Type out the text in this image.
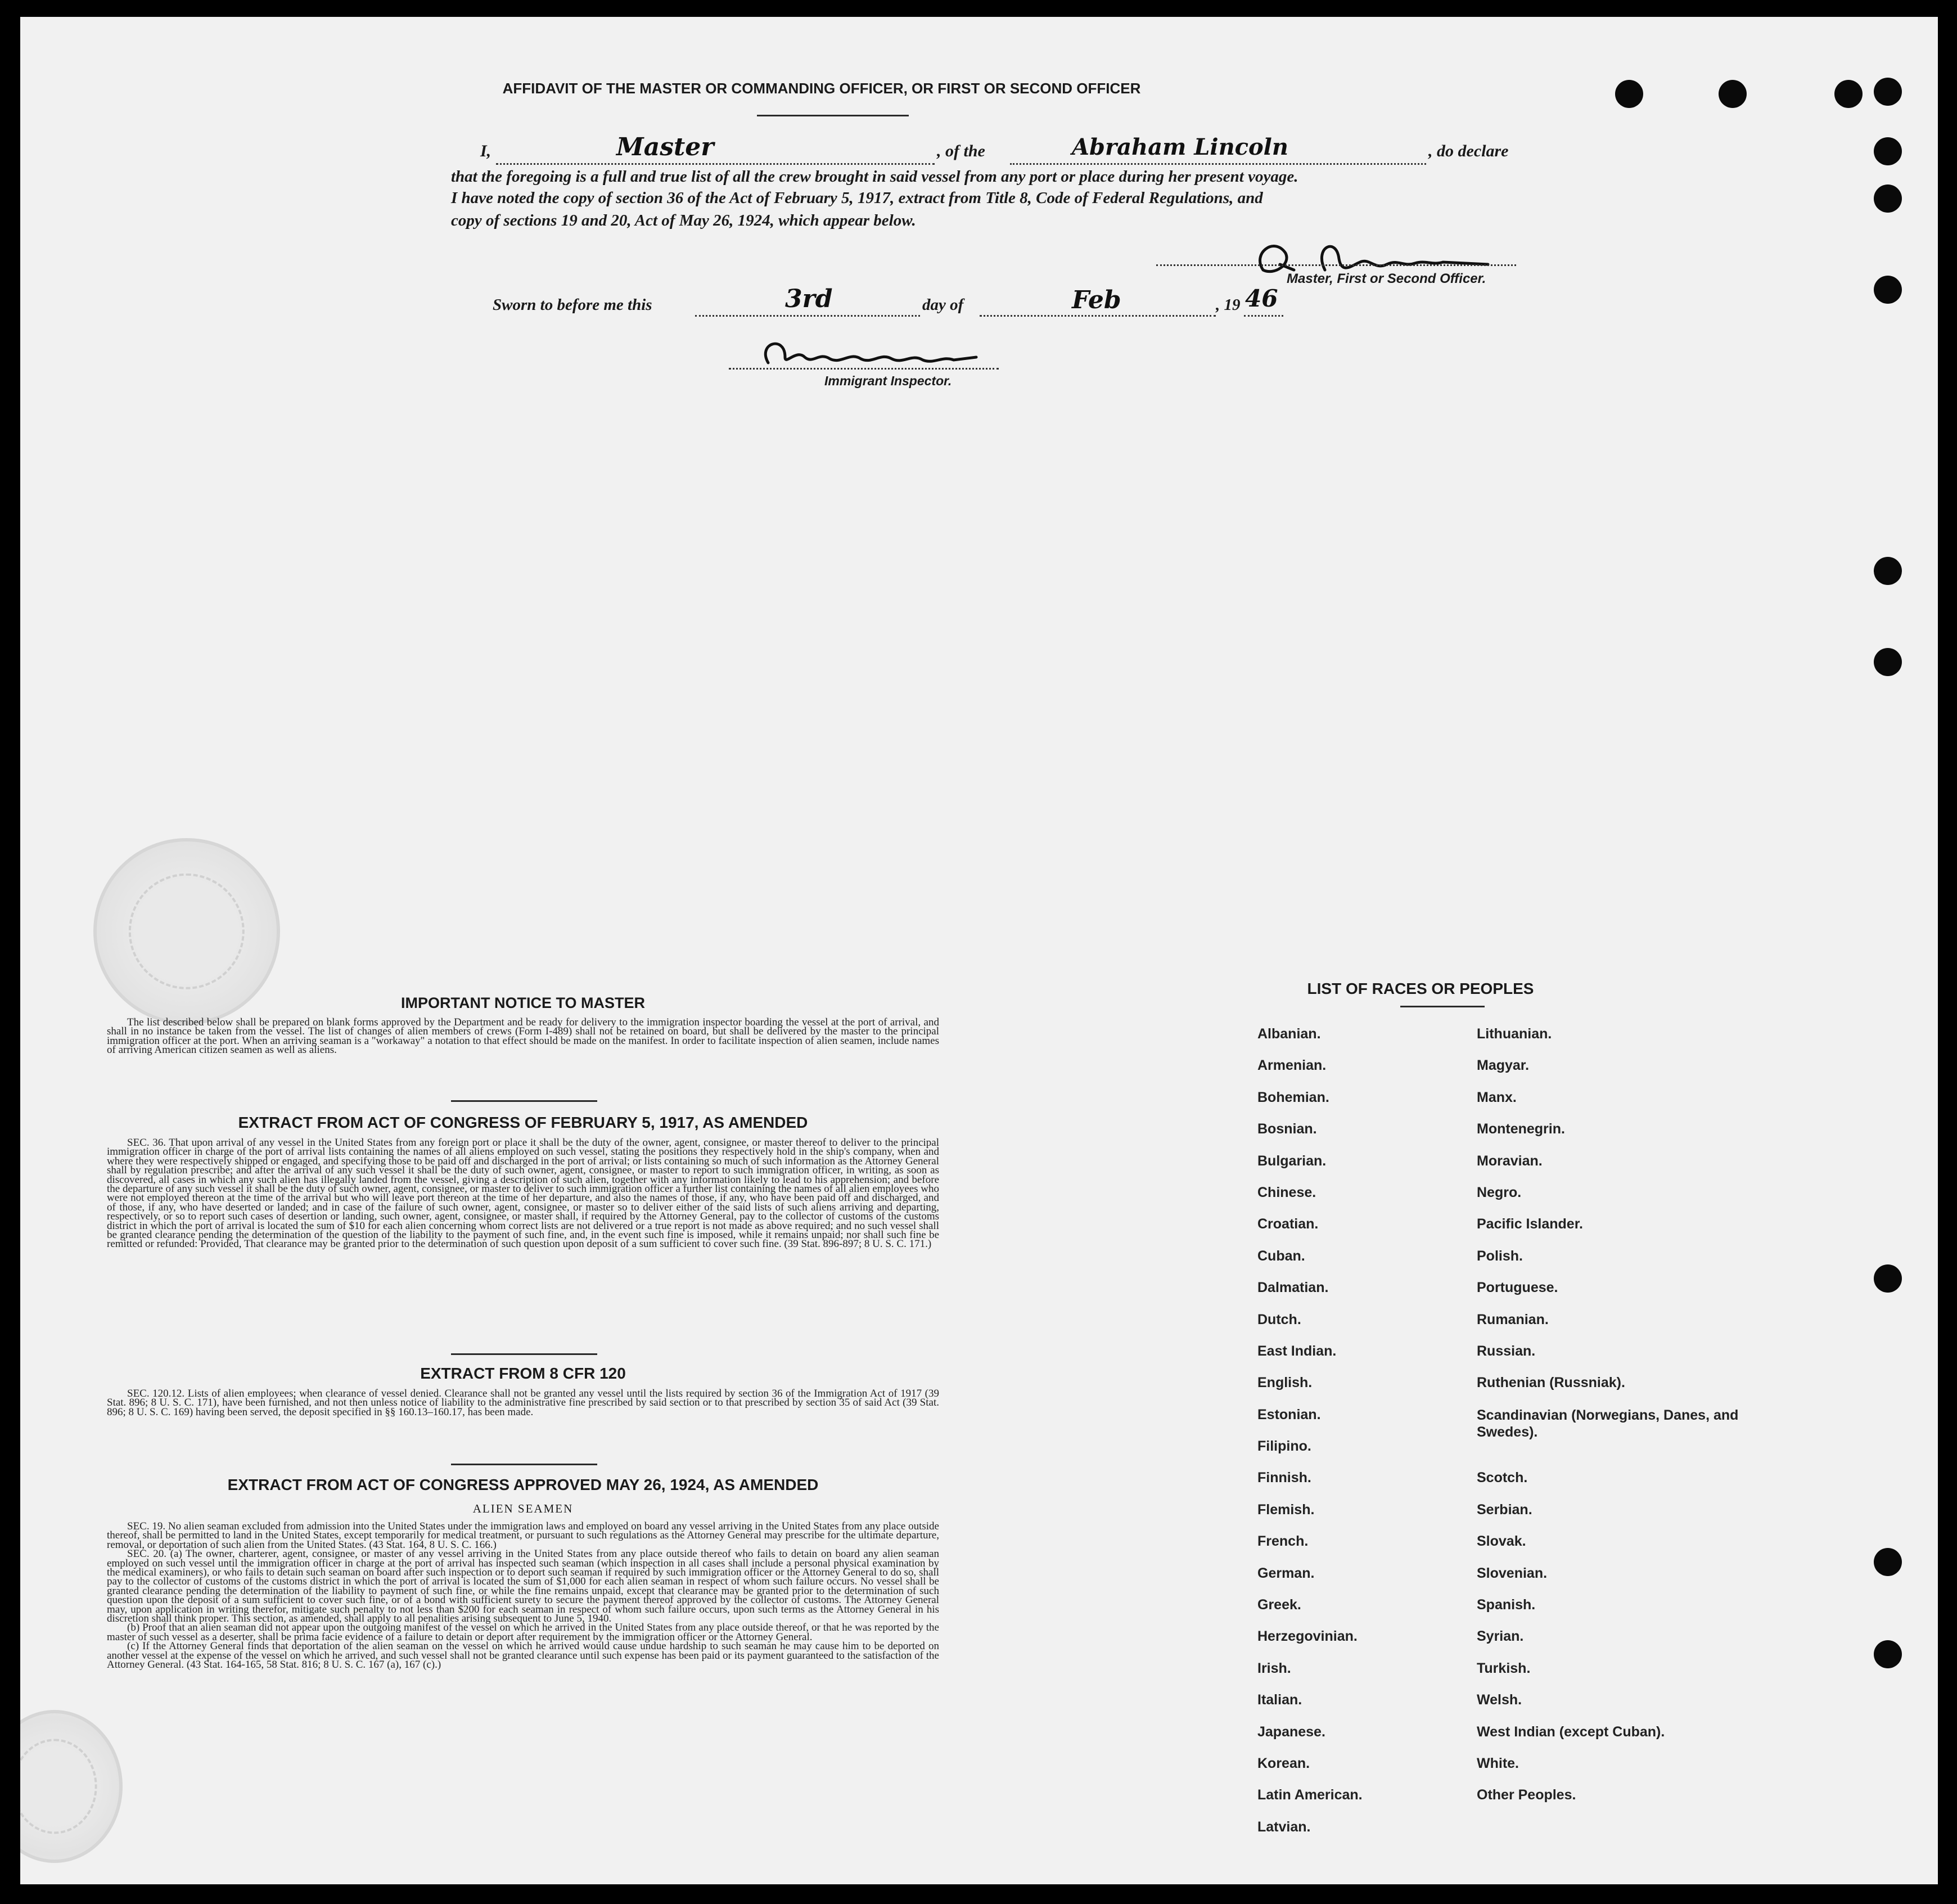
AFFIDAVIT OF THE MASTER OR COMMANDING OFFICER, OR FIRST OR SECOND OFFICER
I,	Master	, of the	Abraham Lincoln	, do declare
that the foregoing is a full and true list of all the crew brought in said vessel from any port or place during her present voyage.
I have noted the copy of section 36 of the Act of February 5, 1917, extract from Title 8, Code of Federal Regulations, and
copy of sections 19 and 20, Act of May 26, 1924, which appear below.
Master, First or Second Officer.
Sworn to before me this	3rd	day of	Feb	, 19 46
Immigrant Inspector.
IMPORTANT NOTICE TO MASTER

The list described below shall be prepared on blank forms approved by the Department and be ready for delivery to the immigration inspector boarding the vessel at the port of arrival, and shall in no instance be taken from the vessel. The list of changes of alien members of crews (Form I-489) shall not be retained on board, but shall be delivered by the master to the principal immigration officer at the port. When an arriving seaman is a "workaway" a notation to that effect should be made on the manifest. In order to facilitate inspection of alien seamen, include names of arriving American citizen seamen as well as aliens.

EXTRACT FROM ACT OF CONGRESS OF FEBRUARY 5, 1917, AS AMENDED

SEC. 36. That upon arrival of any vessel in the United States from any foreign port or place it shall be the duty of the owner, agent, consignee, or master thereof to deliver to the principal immigration officer in charge of the port of arrival lists containing the names of all aliens employed on such vessel, stating the positions they respectively hold in the ship's company, when and where they were respectively shipped or engaged, and specifying those to be paid off and discharged in the port of arrival; or lists containing so much of such information as the Attorney General shall by regulation prescribe; and after the arrival of any such vessel it shall be the duty of such owner, agent, consignee, or master to report to such immigration officer, in writing, as soon as discovered, all cases in which any such alien has illegally landed from the vessel, giving a description of such alien, together with any information likely to lead to his apprehension; and before the departure of any such vessel it shall be the duty of such owner, agent, consignee, or master to deliver to such immigration officer a further list containing the names of all alien employees who were not employed thereon at the time of the arrival but who will leave port thereon at the time of her departure, and also the names of those, if any, who have been paid off and discharged, and of those, if any, who have deserted or landed; and in case of the failure of such owner, agent, consignee, or master so to deliver either of the said lists of such aliens arriving and departing, respectively, or so to report such cases of desertion or landing, such owner, agent, consignee, or master shall, if required by the Attorney General, pay to the collector of customs of the customs district in which the port of arrival is located the sum of $10 for each alien concerning whom correct lists are not delivered or a true report is not made as above required; and no such vessel shall be granted clearance pending the determination of the question of the liability to the payment of such fine, and, in the event such fine is imposed, while it remains unpaid; nor shall such fine be remitted or refunded: Provided, That clearance may be granted prior to the determination of such question upon deposit of a sum sufficient to cover such fine. (39 Stat. 896-897; 8 U. S. C. 171.)

EXTRACT FROM 8 CFR 120

SEC. 120.12. Lists of alien employees; when clearance of vessel denied. Clearance shall not be granted any vessel until the lists required by section 36 of the Immigration Act of 1917 (39 Stat. 896; 8 U. S. C. 171), have been furnished, and not then unless notice of liability to the administrative fine prescribed by said section or to that prescribed by section 35 of said Act (39 Stat. 896; 8 U. S. C. 169) having been served, the deposit specified in §§ 160.13–160.17, has been made.

EXTRACT FROM ACT OF CONGRESS APPROVED MAY 26, 1924, AS AMENDED
ALIEN SEAMEN

SEC. 19. No alien seaman excluded from admission into the United States under the immigration laws and employed on board any vessel arriving in the United States from any place outside thereof, shall be permitted to land in the United States, except temporarily for medical treatment, or pursuant to such regulations as the Attorney General may prescribe for the ultimate departure, removal, or deportation of such alien from the United States. (43 Stat. 164, 8 U. S. C. 166.)

SEC. 20. (a) The owner, charterer, agent, consignee, or master of any vessel arriving in the United States from any place outside thereof who fails to detain on board any alien seaman employed on such vessel until the immigration officer in charge at the port of arrival has inspected such seaman (which inspection in all cases shall include a personal physical examination by the medical examiners), or who fails to detain such seaman on board after such inspection or to deport such seaman if required by such immigration officer or the Attorney General to do so, shall pay to the collector of customs of the customs district in which the port of arrival is located the sum of $1,000 for each alien seaman in respect of whom such failure occurs. No vessel shall be granted clearance pending the determination of the liability to payment of such fine, or while the fine remains unpaid, except that clearance may be granted prior to the determination of such question upon the deposit of a sum sufficient to cover such fine, or of a bond with sufficient surety to secure the payment thereof approved by the collector of customs. The Attorney General may, upon application in writing therefor, mitigate such penalty to not less than $200 for each seaman in respect of whom such failure occurs, upon such terms as the Attorney General in his discretion shall think proper. This section, as amended, shall apply to all penalities arising subsequent to June 5, 1940.

(b) Proof that an alien seaman did not appear upon the outgoing manifest of the vessel on which he arrived in the United States from any place outside thereof, or that he was reported by the master of such vessel as a deserter, shall be prima facie evidence of a failure to detain or deport after requirement by the immigration officer or the Attorney General.

(c) If the Attorney General finds that deportation of the alien seaman on the vessel on which he arrived would cause undue hardship to such seaman he may cause him to be deported on another vessel at the expense of the vessel on which he arrived, and such vessel shall not be granted clearance until such expense has been paid or its payment guaranteed to the satisfaction of the Attorney General. (43 Stat. 164-165, 58 Stat. 816; 8 U. S. C. 167 (a), 167 (c).)

LIST OF RACES OR PEOPLES
Albanian.
Armenian.
Bohemian.
Bosnian.
Bulgarian.
Chinese.
Croatian.
Cuban.
Dalmatian.
Dutch.
East Indian.
English.
Estonian.
Filipino.
Finnish.
Flemish.
French.
German.
Greek.
Herzegovinian.
Irish.
Italian.
Japanese.
Korean.
Latin American.
Latvian.
Lithuanian.
Magyar.
Manx.
Montenegrin.
Moravian.
Negro.
Pacific Islander.
Polish.
Portuguese.
Rumanian.
Russian.
Ruthenian (Russniak).
Scandinavian (Norwegians, Danes, and Swedes).
Scotch.
Serbian.
Slovak.
Slovenian.
Spanish.
Syrian.
Turkish.
Welsh.
West Indian (except Cuban).
White.
Other Peoples.
